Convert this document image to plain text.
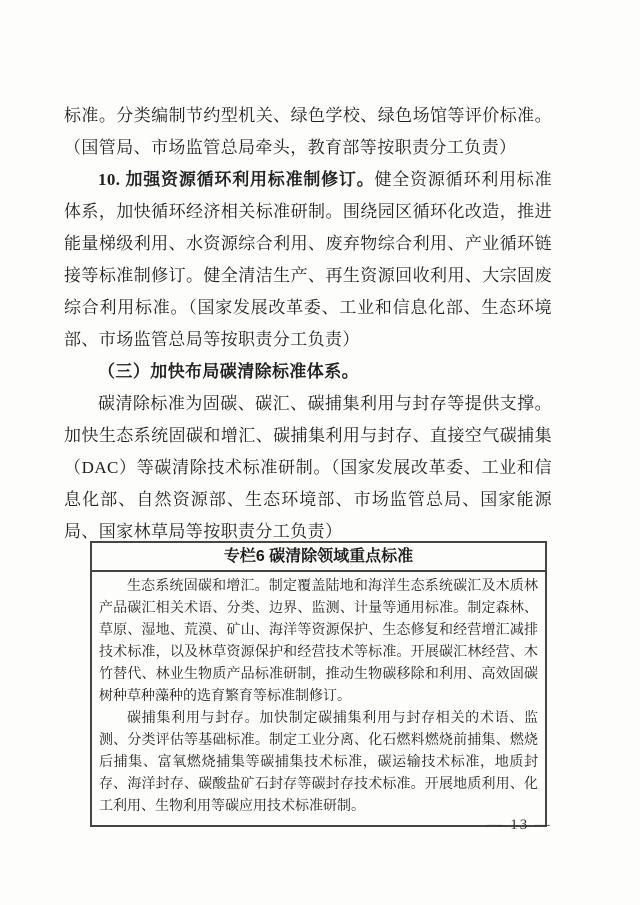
标准。分类编制节约型机关、绿色学校、绿色场馆等评价标准。（国管局、市场监管总局牵头，教育部等按职责分工负责）

10. 加强资源循环利用标准制修订。健全资源循环利用标准体系，加快循环经济相关标准研制。围绕园区循环化改造，推进能量梯级利用、水资源综合利用、废弃物综合利用、产业循环链接等标准制修订。健全清洁生产、再生资源回收利用、大宗固废综合利用标准。（国家发展改革委、工业和信息化部、生态环境部、市场监管总局等按职责分工负责）

（三）加快布局碳清除标准体系。

碳清除标准为固碳、碳汇、碳捕集利用与封存等提供支撑。加快生态系统固碳和增汇、碳捕集利用与封存、直接空气碳捕集（DAC）等碳清除技术标准研制。（国家发展改革委、工业和信息化部、自然资源部、生态环境部、市场监管总局、国家能源局、国家林草局等按职责分工负责）

专栏6 碳清除领域重点标准

生态系统固碳和增汇。制定覆盖陆地和海洋生态系统碳汇及木质林产品碳汇相关术语、分类、边界、监测、计量等通用标准。制定森林、草原、湿地、荒漠、矿山、海洋等资源保护、生态修复和经营增汇减排技术标准，以及林草资源保护和经营技术等标准。开展碳汇林经营、木竹替代、林业生物质产品标准研制，推动生物碳移除和利用、高效固碳树种草种藻种的选育繁育等标准制修订。

碳捕集利用与封存。加快制定碳捕集利用与封存相关的术语、监测、分类评估等基础标准。制定工业分离、化石燃料燃烧前捕集、燃烧后捕集、富氧燃烧捕集等碳捕集技术标准，碳运输技术标准，地质封存、海洋封存、碳酸盐矿石封存等碳封存技术标准。开展地质利用、化工利用、生物利用等碳应用技术标准研制。

— 13 —
